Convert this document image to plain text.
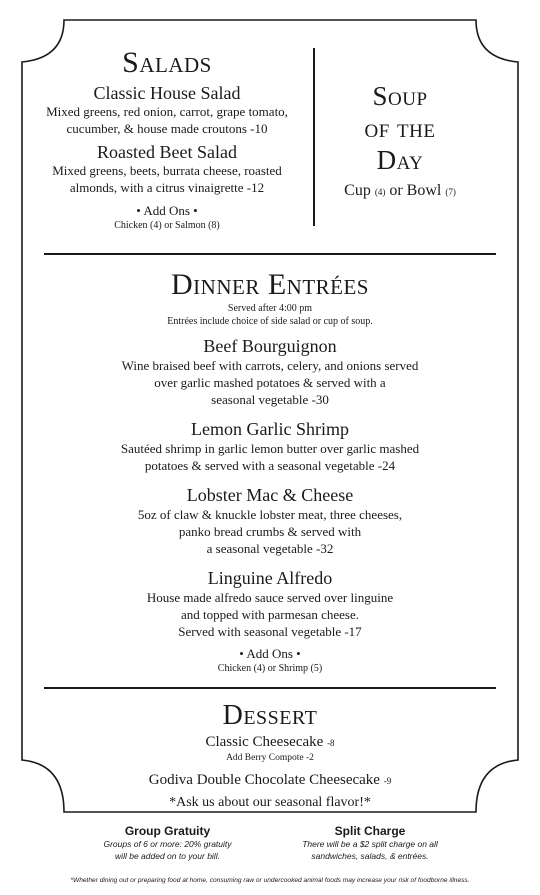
Salads
Classic House Salad
Mixed greens, red onion, carrot, grape tomato,
cucumber, & house made croutons -10
Roasted Beet Salad
Mixed greens, beets, burrata cheese, roasted
almonds, with a citrus vinaigrette -12
• Add Ons •
Chicken (4) or Salmon (8)
Soup
of the
Day
Cup (4) or Bowl (7)
Dinner Entrées
Served after 4:00 pm
Entrées include choice of side salad or cup of soup.
Beef Bourguignon
Wine braised beef with carrots, celery, and onions served
over garlic mashed potatoes & served with a
seasonal vegetable -30
Lemon Garlic Shrimp
Sautéed shrimp in garlic lemon butter over garlic mashed
potatoes & served with a seasonal vegetable -24
Lobster Mac & Cheese
5oz of claw & knuckle lobster meat, three cheeses,
panko bread crumbs & served with
a seasonal vegetable -32
Linguine Alfredo
House made alfredo sauce served over linguine
and topped with parmesan cheese.
Served with seasonal vegetable -17
• Add Ons •
Chicken (4) or Shrimp (5)
Dessert
Classic Cheesecake -8
Add Berry Compote -2
Godiva Double Chocolate Cheesecake -9
*Ask us about our seasonal flavor!*
Group Gratuity
Groups of 6 or more: 20% gratuity
will be added on to your bill.
Split Charge
There will be a $2 split charge on all
sandwiches, salads, & entrées.
*Whether dining out or preparing food at home, consuming raw or undercooked animal foods may increase your risk of foodborne illness.
